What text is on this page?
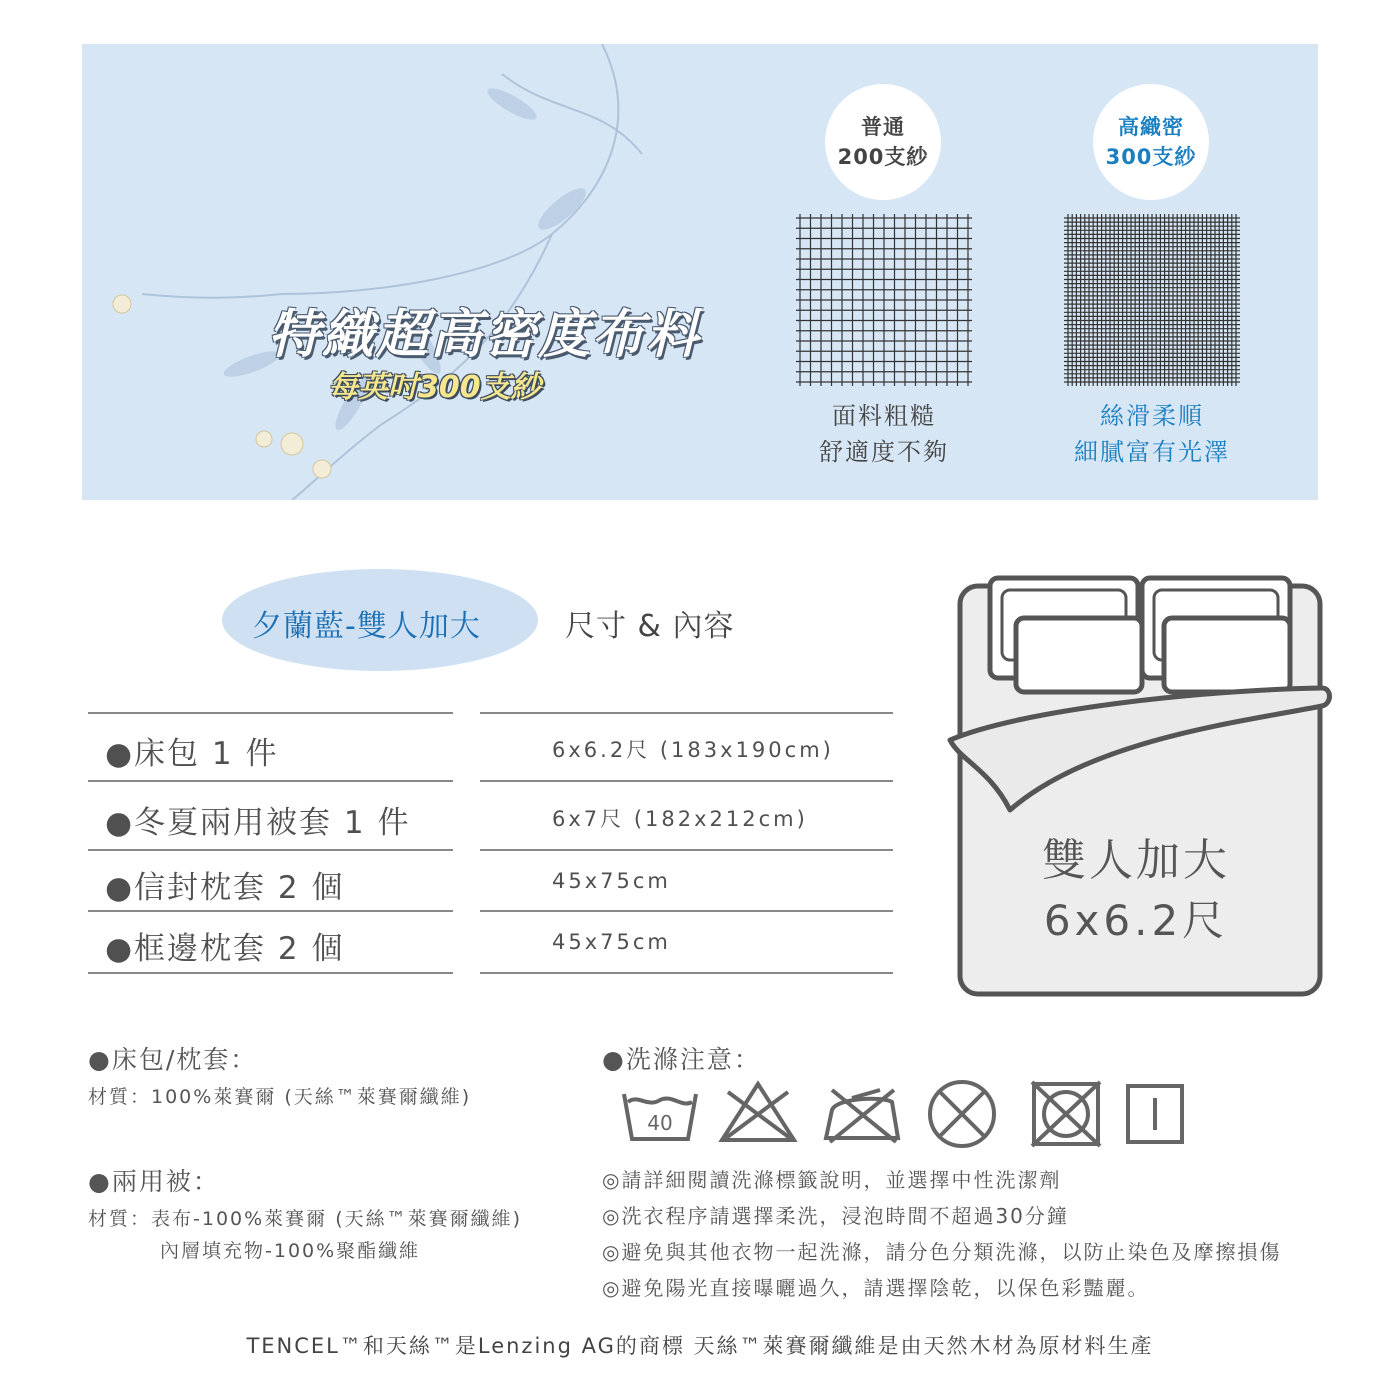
特織超高密度布料
每英吋300支紗
普通
200支紗
高織密
300支紗
面料粗糙
舒適度不夠
絲滑柔順
細膩富有光澤
夕蘭藍-雙人加大	尺寸 & 內容
●床包 1 件	6x6.2尺 (183x190cm)
●冬夏兩用被套 1 件	6x7尺 (182x212cm)
●信封枕套 2 個	45x75cm
●框邊枕套 2 個	45x75cm
雙人加大
6x6.2尺
●床包/枕套：
材質：100%萊賽爾 (天絲™萊賽爾纖維)
●兩用被：
材質：表布-100%萊賽爾 (天絲™萊賽爾纖維)
內層填充物-100%聚酯纖維
●洗滌注意：
40
◎請詳細閱讀洗滌標籤說明，並選擇中性洗潔劑
◎洗衣程序請選擇柔洗，浸泡時間不超過30分鐘
◎避免與其他衣物一起洗滌，請分色分類洗滌，以防止染色及摩擦損傷
◎避免陽光直接曝曬過久，請選擇陰乾，以保色彩豔麗。
TENCEL™和天絲™是Lenzing AG的商標 天絲™萊賽爾纖維是由天然木材為原材料生產
